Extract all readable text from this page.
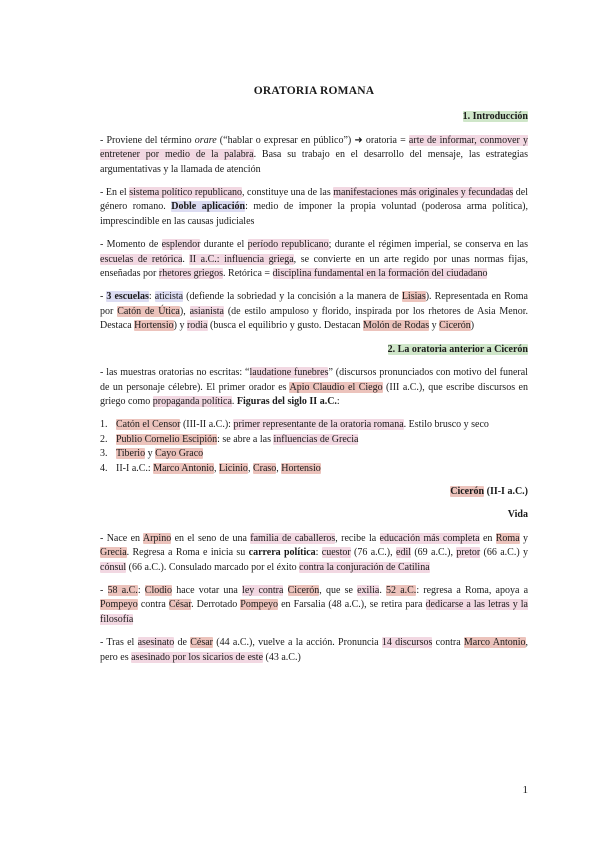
ORATORIA ROMANA
1. Introducción
- Proviene del término orare (“hablar o expresar en público”) ➜ oratoria = arte de informar, conmover y entretener por medio de la palabra. Basa su trabajo en el desarrollo del mensaje, las estrategias argumentativas y la llamada de atención
- En el sistema político republicano, constituye una de las manifestaciones más originales y fecundadas del género romano. Doble aplicación: medio de imponer la propia voluntad (poderosa arma política), imprescindible en las causas judiciales
- Momento de esplendor durante el período republicano; durante el régimen imperial, se conserva en las escuelas de retórica. II a.C.: influencia griega, se convierte en un arte regido por unas normas fijas, enseñadas por rhetores griegos. Retórica = disciplina fundamental en la formación del ciudadano
- 3 escuelas: aticista (defiende la sobriedad y la concisión a la manera de Lisias). Representada en Roma por Catón de Útica), asianista (de estilo ampuloso y florido, inspirada por los rhetores de Asia Menor. Destaca Hortensio) y rodia (busca el equilibrio y gusto. Destacan Molón de Rodas y Cicerón)
2. La oratoria anterior a Cicerón
- las muestras oratorias no escritas: “laudatione funebres” (discursos pronunciados con motivo del funeral de un personaje célebre). El primer orador es Apio Claudio el Ciego (III a.C.), que escribe discursos en griego como propaganda política. Figuras del siglo II a.C.:
1. Catón el Censor (III-II a.C.): primer representante de la oratoria romana. Estilo brusco y seco
2. Publio Cornelio Escipión: se abre a las influencias de Grecia
3. Tiberio y Cayo Graco
4. II-I a.C.: Marco Antonio, Licinio, Craso, Hortensio
Cicerón (II-I a.C.)
Vida
- Nace en Arpino en el seno de una familia de caballeros, recibe la educación más completa en Roma y Grecia. Regresa a Roma e inicia su carrera política: cuestor (76 a.C.), edil (69 a.C.), pretor (66 a.C.) y cónsul (66 a.C.). Consulado marcado por el éxito contra la conjuración de Catilina
- 58 a.C.: Clodio hace votar una ley contra Cicerón, que se exilia. 52 a.C.: regresa a Roma, apoya a Pompeyo contra César. Derrotado Pompeyo en Farsalia (48 a.C.), se retira para dedicarse a las letras y la filosofía
- Tras el asesinato de César (44 a.C.), vuelve a la acción. Pronuncia 14 discursos contra Marco Antonio, pero es asesinado por los sicarios de este (43 a.C.)
1
